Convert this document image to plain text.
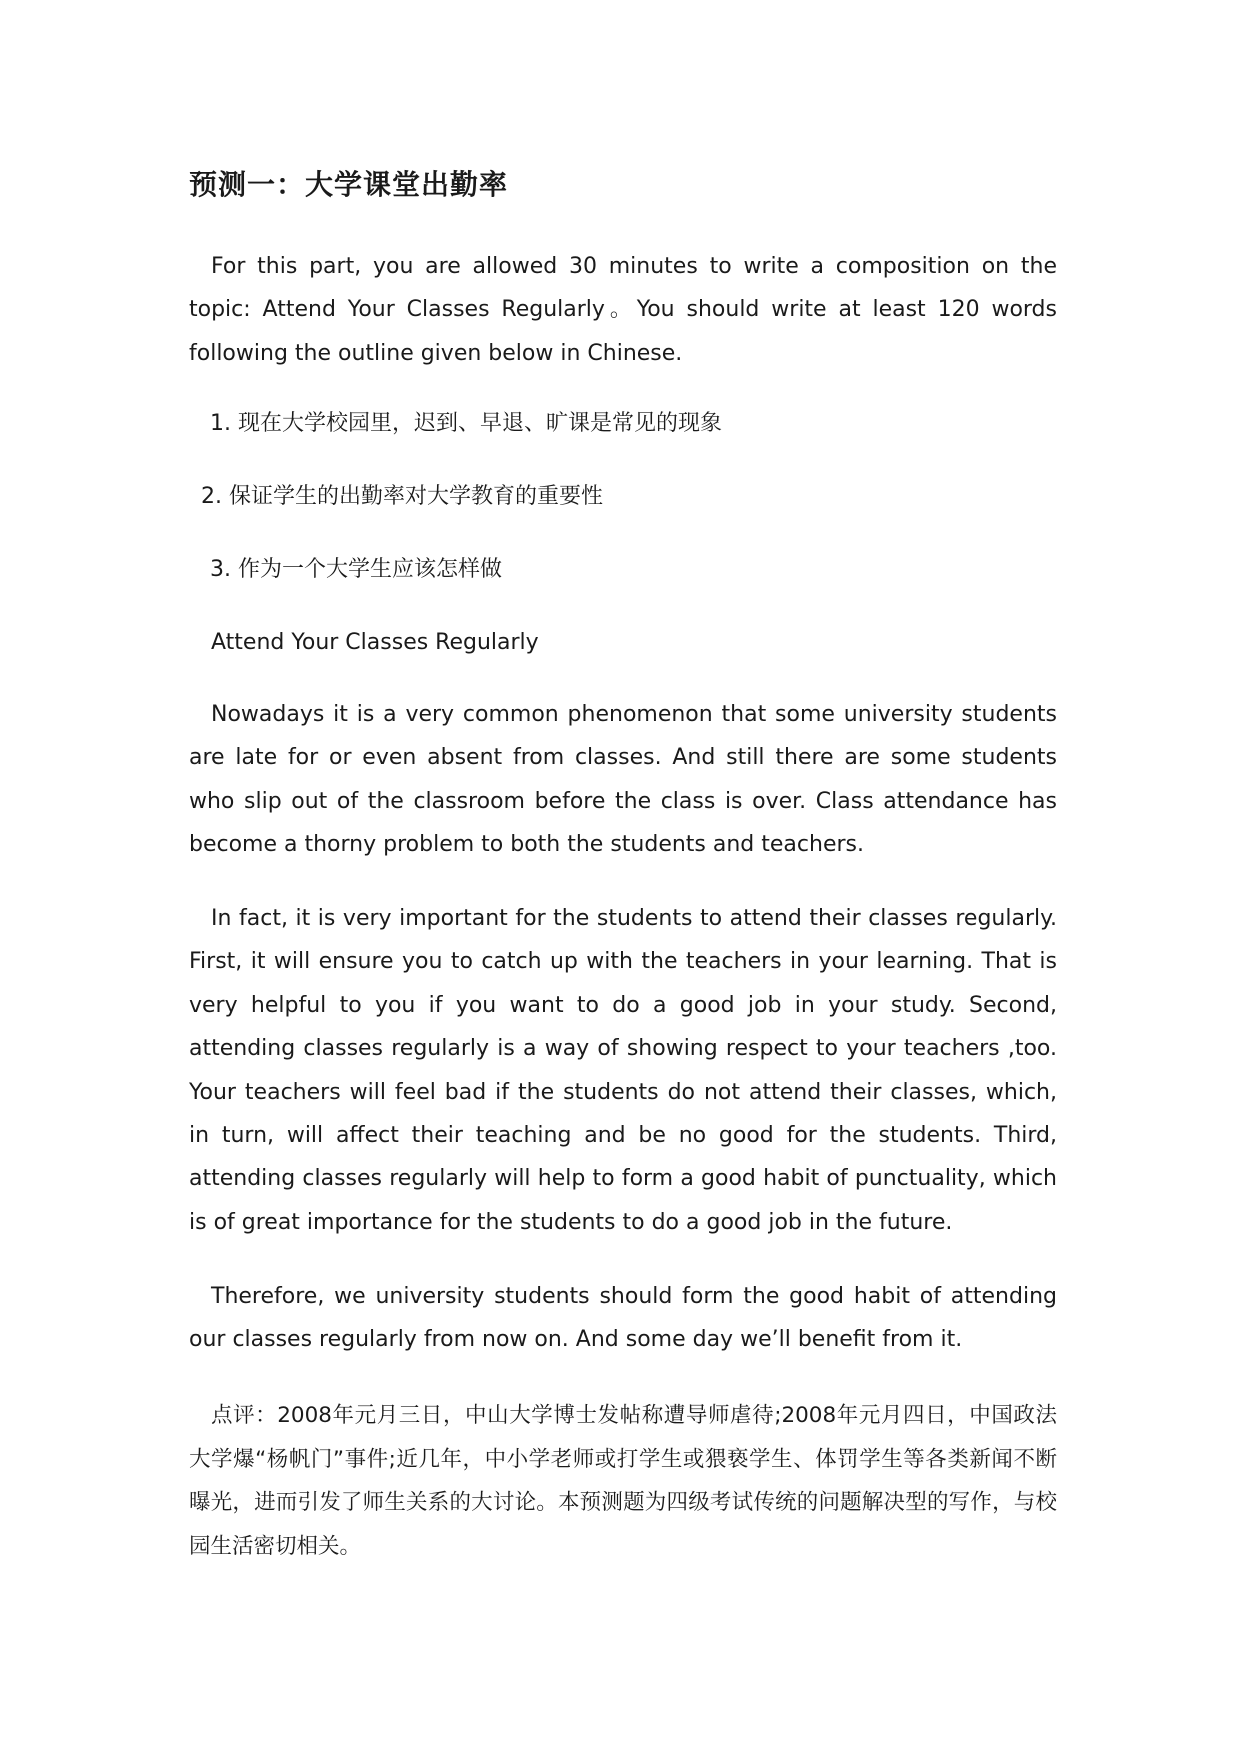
预测一：大学课堂出勤率

For this part, you are allowed 30 minutes to write a composition on the topic: Attend Your Classes Regularly。You should write at least 120 words following the outline given below in Chinese.

1. 现在大学校园里，迟到、早退、旷课是常见的现象

2. 保证学生的出勤率对大学教育的重要性

3. 作为一个大学生应该怎样做

Attend Your Classes Regularly

Nowadays it is a very common phenomenon that some university students are late for or even absent from classes. And still there are some students who slip out of the classroom before the class is over. Class attendance has become a thorny problem to both the students and teachers.

In fact, it is very important for the students to attend their classes regularly. First, it will ensure you to catch up with the teachers in your learning. That is very helpful to you if you want to do a good job in your study. Second, attending classes regularly is a way of showing respect to your teachers ,too. Your teachers will feel bad if the students do not attend their classes, which, in turn, will affect their teaching and be no good for the students. Third, attending classes regularly will help to form a good habit of punctuality, which is of great importance for the students to do a good job in the future.

Therefore, we university students should form the good habit of attending our classes regularly from now on. And some day we’ll benefit from it.

点评：2008年元月三日，中山大学博士发帖称遭导师虐待;2008年元月四日，中国政法大学爆“杨帆门”事件;近几年，中小学老师或打学生或猥亵学生、体罚学生等各类新闻不断曝光，进而引发了师生关系的大讨论。本预测题为四级考试传统的问题解决型的写作，与校园生活密切相关。
